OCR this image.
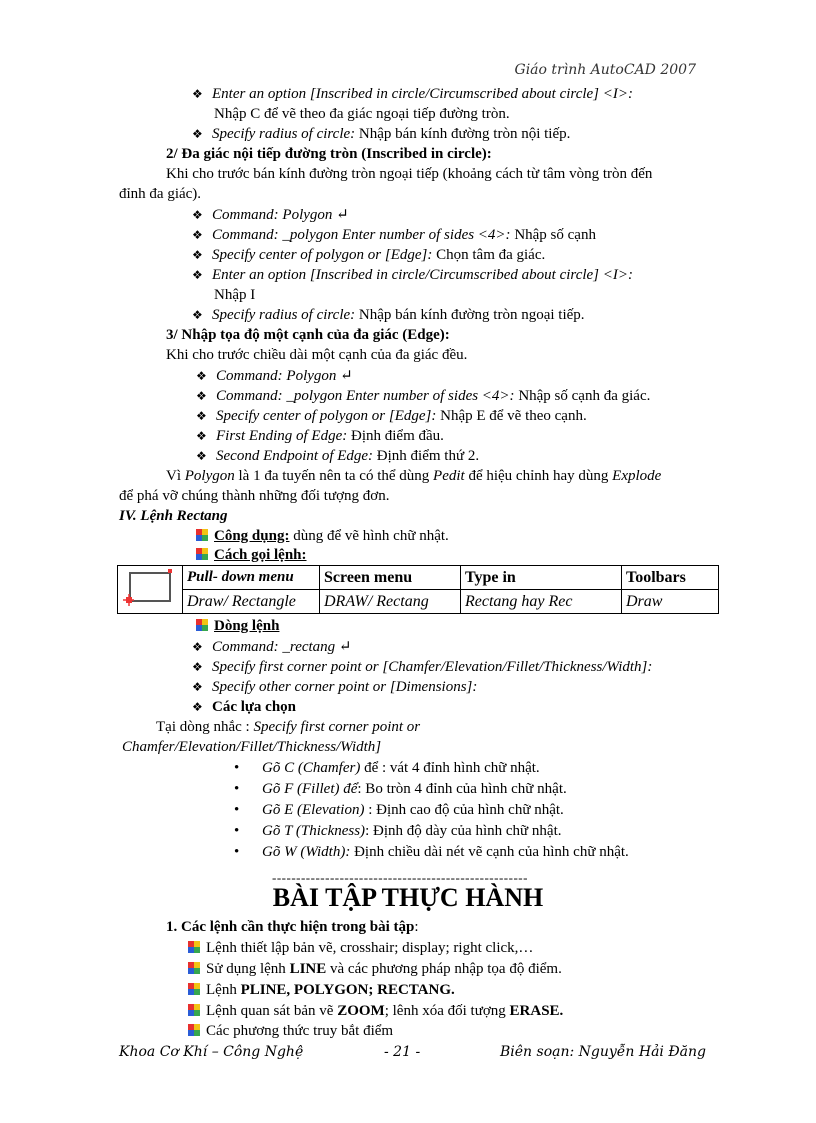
Giáo trình AutoCAD 2007
❖ Enter an option [Inscribed in circle/Circumscribed about circle] <I>:
Nhập C để vẽ theo đa giác ngoại tiếp đường tròn.
❖ Specify radius of circle: Nhập bán kính đường tròn nội tiếp.
2/ Đa giác nội tiếp đường tròn (Inscribed in circle):
Khi cho trước bán kính đường tròn ngoại tiếp (khoảng cách từ tâm vòng tròn đến
đỉnh đa giác).
❖ Command: Polygon ↵
❖ Command: _polygon Enter number of sides <4>: Nhập số cạnh
❖ Specify center of polygon or [Edge]: Chọn tâm đa giác.
❖ Enter an option [Inscribed in circle/Circumscribed about circle] <I>:
Nhập I
❖ Specify radius of circle: Nhập bán kính đường tròn ngoại tiếp.
3/ Nhập tọa độ một cạnh của đa giác (Edge):
Khi cho trước chiều dài một cạnh của đa giác đều.
❖ Command: Polygon ↵
❖ Command: _polygon Enter number of sides <4>: Nhập số cạnh đa giác.
❖ Specify center of polygon or [Edge]: Nhập E để vẽ theo cạnh.
❖ First Ending of Edge: Định điểm đầu.
❖ Second Endpoint of Edge: Định điểm thứ 2.
Vì Polygon là 1 đa tuyến nên ta có thể dùng Pedit để hiệu chỉnh hay dùng Explode
để phá vỡ chúng thành những đối tượng đơn.
IV. Lệnh Rectang
Công dụng: dùng để vẽ hình chữ nhật.
Cách gọi lệnh:
	Pull- down menu	Screen menu	Type in	Toolbars
	Draw/ Rectangle	DRAW/ Rectang	Rectang hay Rec	Draw
Dòng lệnh
❖ Command: _rectang ↵
❖ Specify first corner point or [Chamfer/Elevation/Fillet/Thickness/Width]:
❖ Specify other corner point or [Dimensions]:
❖ Các lựa chọn
Tại dòng nhắc : Specify first corner point or
Chamfer/Elevation/Fillet/Thickness/Width]
• Gõ C (Chamfer) để : vát 4 đỉnh hình chữ nhật.
• Gõ F (Fillet) để: Bo tròn 4 đỉnh của hình chữ nhật.
• Gõ E (Elevation) : Định cao độ của hình chữ nhật.
• Gõ T (Thickness): Định độ dày của hình chữ nhật.
• Gõ W (Width): Định chiều dài nét vẽ cạnh của hình chữ nhật.
-----------------------------------------------------
BÀI TẬP THỰC HÀNH
1. Các lệnh cần thực hiện trong bài tập:
Lệnh thiết lập bản vẽ, crosshair; display; right click,…
Sử dụng lệnh LINE và các phương pháp nhập tọa độ điểm.
Lệnh PLINE, POLYGON; RECTANG.
Lệnh quan sát bản vẽ ZOOM; lênh xóa đối tượng ERASE.
Các phương thức truy bắt điểm
Khoa Cơ Khí – Công Nghệ	- 21 -	Biên soạn: Nguyễn Hải Đăng
